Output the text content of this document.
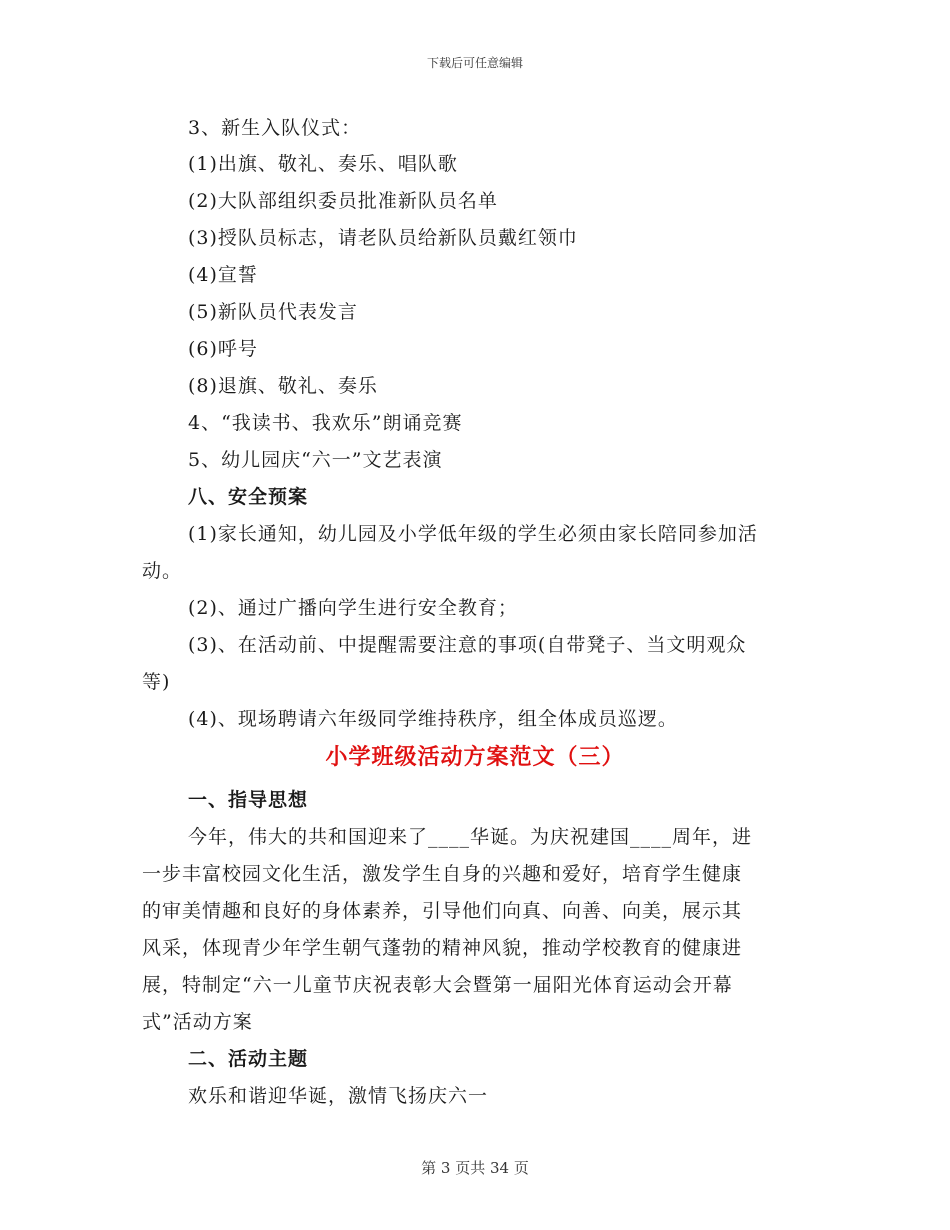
下载后可任意编辑
3、新生入队仪式：
(1)出旗、敬礼、奏乐、唱队歌
(2)大队部组织委员批准新队员名单
(3)授队员标志，请老队员给新队员戴红领巾
(4)宣誓
(5)新队员代表发言
(6)呼号
(8)退旗、敬礼、奏乐
4、“我读书、我欢乐”朗诵竞赛
5、幼儿园庆“六一”文艺表演
八、安全预案
(1)家长通知，幼儿园及小学低年级的学生必须由家长陪同参加活
动。
(2)、通过广播向学生进行安全教育；
(3)、在活动前、中提醒需要注意的事项(自带凳子、当文明观众
等)
(4)、现场聘请六年级同学维持秩序，组全体成员巡逻。
小学班级活动方案范文（三）
一、指导思想
今年，伟大的共和国迎来了____华诞。为庆祝建国____周年，进
一步丰富校园文化生活，激发学生自身的兴趣和爱好，培育学生健康
的审美情趣和良好的身体素养，引导他们向真、向善、向美，展示其
风采，体现青少年学生朝气蓬勃的精神风貌，推动学校教育的健康进
展，特制定“六一儿童节庆祝表彰大会暨第一届阳光体育运动会开幕
式”活动方案
二、活动主题
欢乐和谐迎华诞，激情飞扬庆六一
第 3 页共 34 页
